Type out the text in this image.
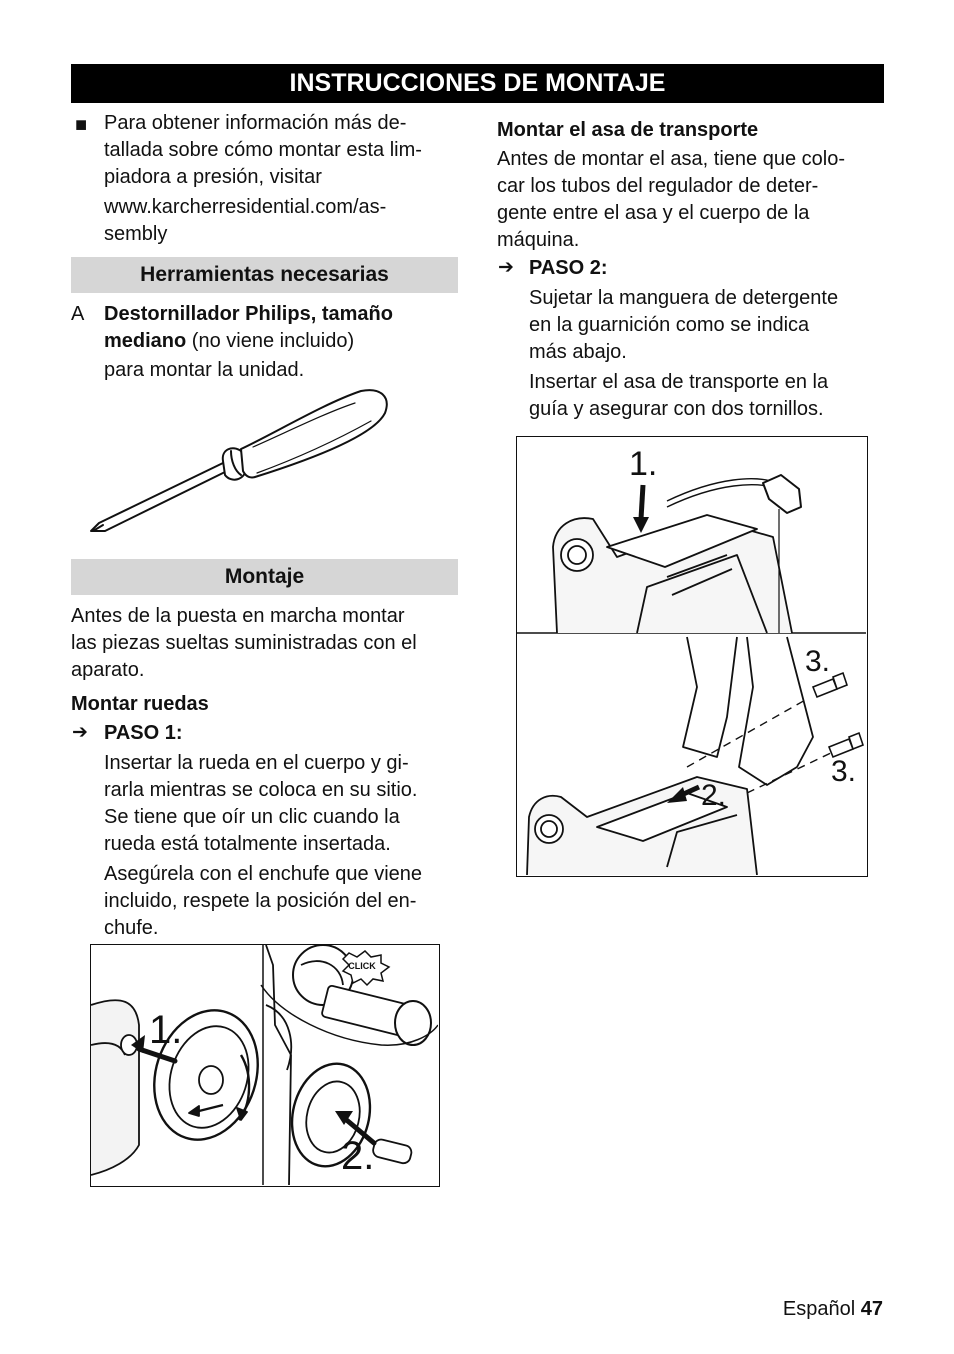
INSTRUCCIONES DE MONTAJE
■ Para obtener información más de-
tallada sobre cómo montar esta lim-
piadora a presión, visitar
www.karcherresidential.com/as-
sembly
Herramientas necesarias
A Destornillador Philips, tamaño
mediano (no viene incluido)
para montar la unidad.
Montaje
Antes de la puesta en marcha montar
las piezas sueltas suministradas con el
aparato.
Montar ruedas
➔ PASO 1:
Insertar la rueda en el cuerpo y gi-
rarla mientras se coloca en su sitio.
Se tiene que oír un clic cuando la
rueda está totalmente insertada.
Asegúrela con el enchufe que viene
incluido, respete la posición del en-
chufe.
1.
CLICK
2.
Montar el asa de transporte
Antes de montar el asa, tiene que colo-
car los tubos del regulador de deter-
gente entre el asa y el cuerpo de la
máquina.
➔ PASO 2:
Sujetar la manguera de detergente
en la guarnición como se indica
más abajo.
Insertar el asa de transporte en la
guía y asegurar con dos tornillos.
1.
3.
3.
2.
Español 47
